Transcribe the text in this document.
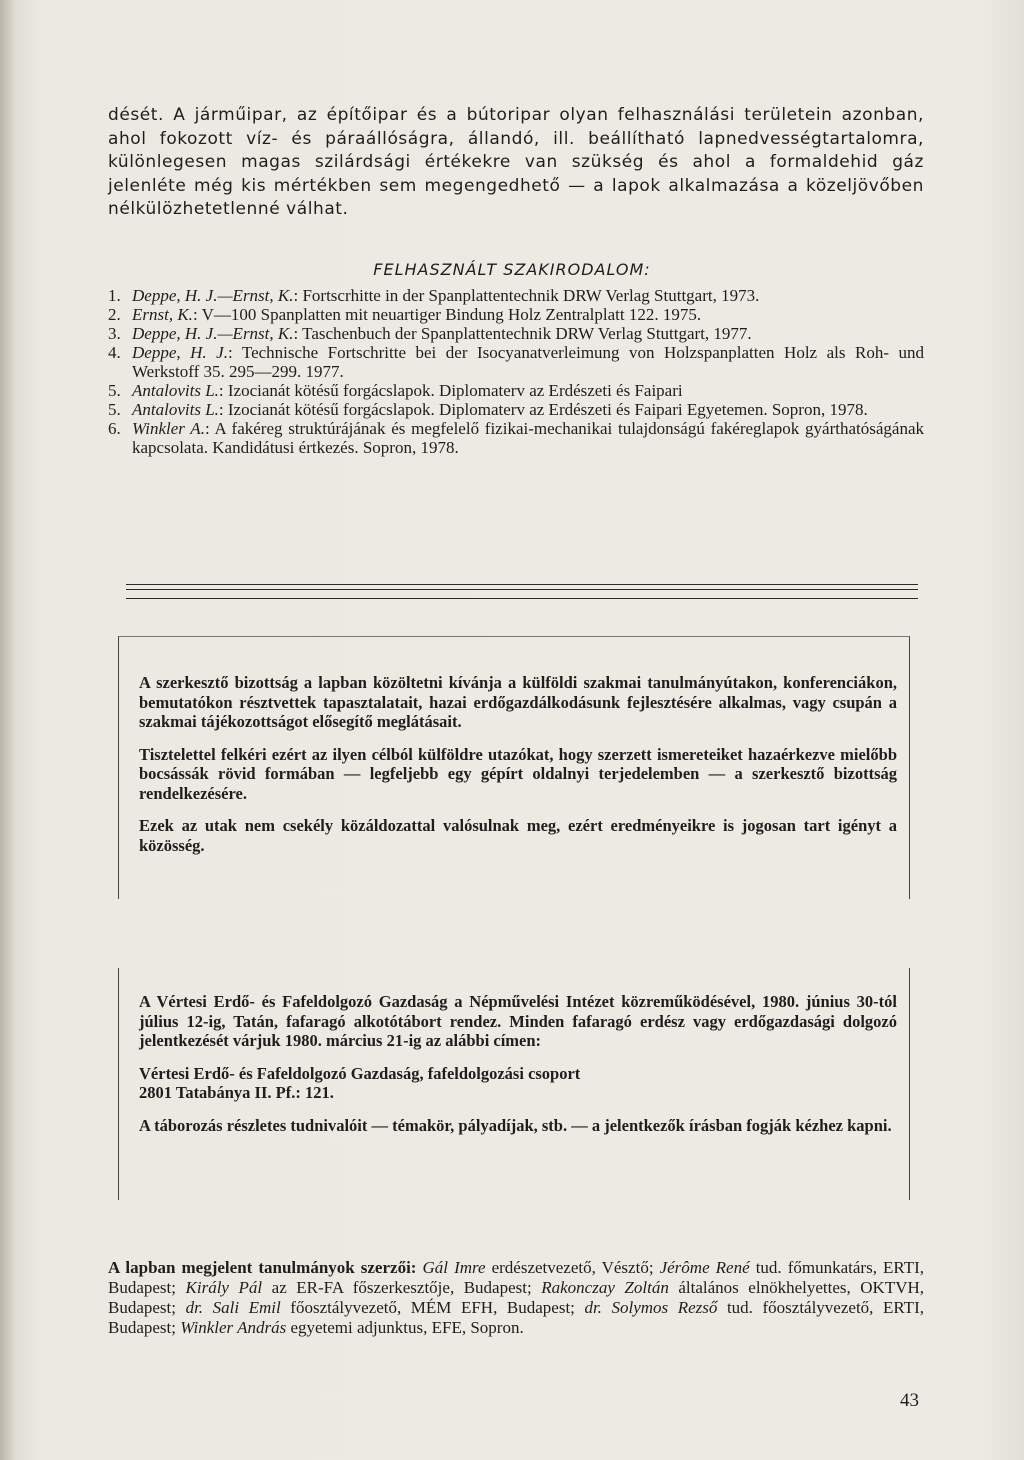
dését. A járműipar, az építőipar és a bútoripar olyan felhasználási területein azonban, ahol fokozott víz- és páraállóságra, állandó, ill. beállítható lapnedvességtartalomra, különlegesen magas szilárdsági értékekre van szükség és ahol a formaldehid gáz jelenléte még kis mértékben sem megengedhető — a lapok alkalmazása a közeljövőben nélkülözhetetlenné válhat.

FELHASZNÁLT SZAKIRODALOM:

1. Deppe, H. J.—Ernst, K.: Fortscrhitte in der Spanplattentechnik DRW Verlag Stuttgart, 1973.
2. Ernst, K.: V—100 Spanplatten mit neuartiger Bindung Holz Zentralplatt 122. 1975.
3. Deppe, H. J.—Ernst, K.: Taschenbuch der Spanplattentechnik DRW Verlag Stuttgart, 1977.
4. Deppe, H. J.: Technische Fortschritte bei der Isocyanatverleimung von Holzspanplatten Holz als Roh- und Werkstoff 35. 295—299. 1977.
5. Antalovits L.: Izocianát kötésű forgácslapok. Diplomaterv az Erdészeti és Faipari
5. Antalovits L.: Izocianát kötésű forgácslapok. Diplomaterv az Erdészeti és Faipari Egyetemen. Sopron, 1978.
6. Winkler A.: A fakéreg struktúrájának és megfelelő fizikai-mechanikai tulajdonságú fakéreglapok gyárthatóságának kapcsolata. Kandidátusi értkezés. Sopron, 1978.

A szerkesztő bizottság a lapban közöltetni kívánja a külföldi szakmai tanulmányútakon, konferenciákon, bemutatókon résztvettek tapasztalatait, hazai erdőgazdálkodásunk fejlesztésére alkalmas, vagy csupán a szakmai tájékozottságot elősegítő meglátásait.

Tisztelettel felkéri ezért az ilyen célból külföldre utazókat, hogy szerzett ismereteiket hazaérkezve mielőbb bocsássák rövid formában — legfeljebb egy gépírt oldalnyi terjedelemben — a szerkesztő bizottság rendelkezésére.

Ezek az utak nem csekély közáldozattal valósulnak meg, ezért eredményeikre is jogosan tart igényt a közösség.

A Vértesi Erdő- és Fafeldolgozó Gazdaság a Népművelési Intézet közreműködésével, 1980. június 30-tól július 12-ig, Tatán, fafaragó alkotótábort rendez. Minden fafaragó erdész vagy erdőgazdasági dolgozó jelentkezését várjuk 1980. március 21-ig az alábbi címen:

Vértesi Erdő- és Fafeldolgozó Gazdaság, fafeldolgozási csoport

2801 Tatabánya II. Pf.: 121.

A táborozás részletes tudnivalóit — témakör, pályadíjak, stb. — a jelentkezők írásban fogják kézhez kapni.

A lapban megjelent tanulmányok szerzői: Gál Imre erdészetvezető, Vésztő; Jérôme René tud. főmunkatárs, ERTI, Budapest; Király Pál az ER-FA főszerkesztője, Budapest; Rakonczay Zoltán általános elnökhelyettes, OKTVH, Budapest; dr. Sali Emil főosztályvezető, MÉM EFH, Budapest; dr. Solymos Rezső tud. főosztályvezető, ERTI, Budapest; Winkler András egyetemi adjunktus, EFE, Sopron.

43
